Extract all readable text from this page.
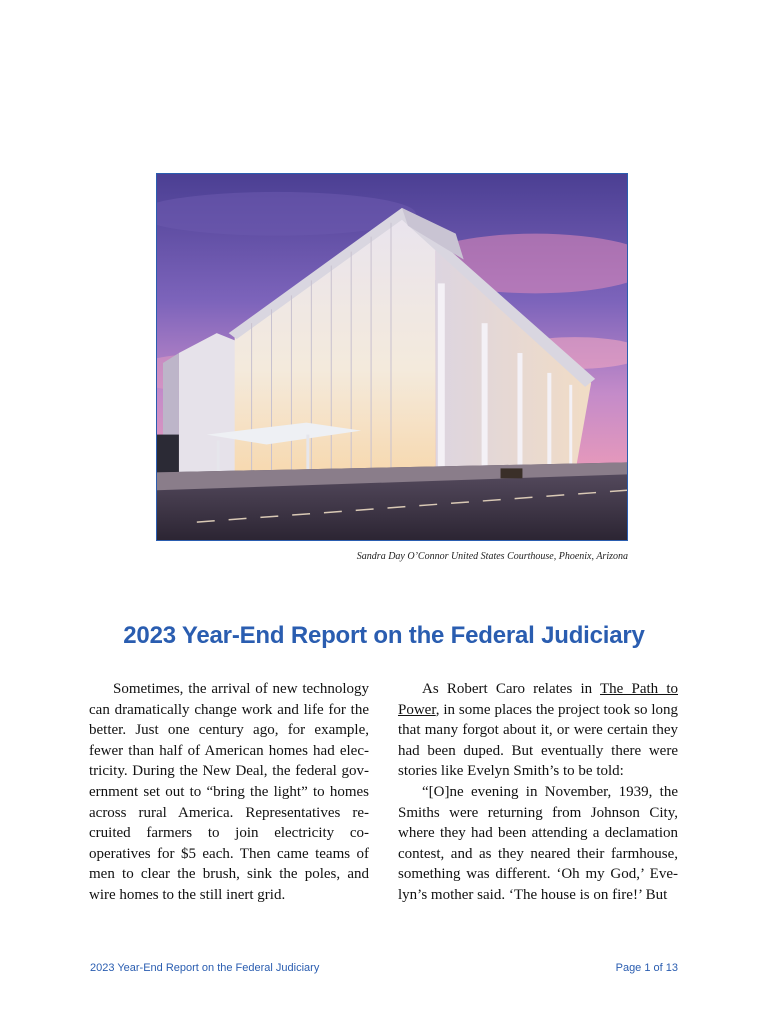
Sandra Day O’Connor United States Courthouse, Phoenix, Arizona
2023 Year-End Report on the Federal Judiciary

Sometimes, the arrival of new technology can dramatically change work and life for the better. Just one century ago, for example, fewer than half of American homes had electricity. During the New Deal, the federal government set out to “bring the light” to homes across rural America. Representatives recruited farmers to join electricity co-operatives for $5 each. Then came teams of men to clear the brush, sink the poles, and wire homes to the still inert grid.

As Robert Caro relates in The Path to Power, in some places the project took so long that many forgot about it, or were certain they had been duped. But eventually there were stories like Evelyn Smith’s to be told:

“[O]ne evening in November, 1939, the Smiths were returning from Johnson City, where they had been attending a declamation contest, and as they neared their farmhouse, something was different. ‘Oh my God,’ Evelyn’s mother said. ‘The house is on fire!’ But

2023 Year-End Report on the Federal Judiciary	Page 1 of 13
